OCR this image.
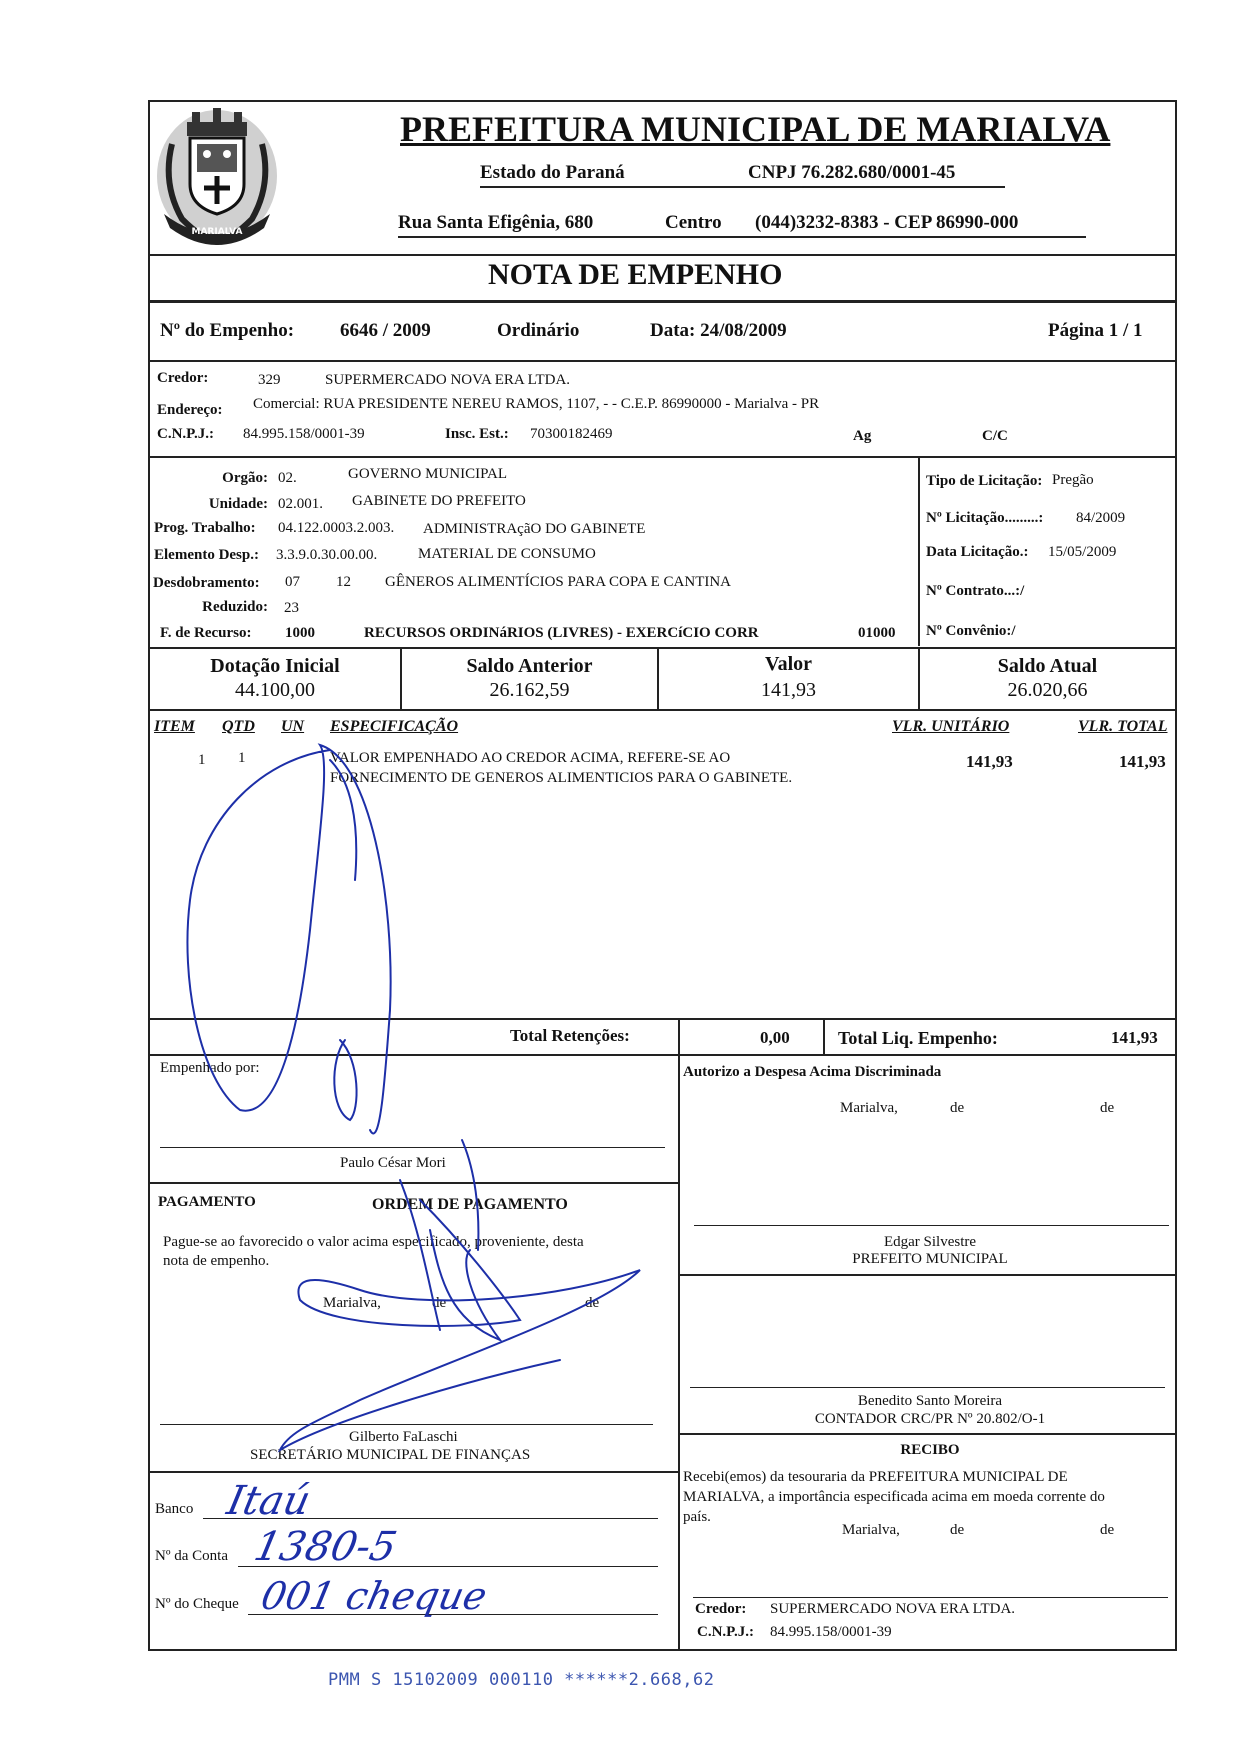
MARIALVA
PREFEITURA MUNICIPAL DE MARIALVA
Estado do Paraná	CNPJ 76.282.680/0001-45
Rua Santa Efigênia, 680	Centro (044)3232-8383 - CEP 86990-000
NOTA DE EMPENHO
Nº do Empenho: 6646 / 2009	Ordinário	Data: 24/08/2009	Página 1 / 1
Credor:	329	SUPERMERCADO NOVA ERA LTDA.
Endereço: Comercial: RUA PRESIDENTE NEREU RAMOS, 1107, - - C.E.P. 86990000 - Marialva - PR
C.N.P.J.: 84.995.158/0001-39	Insc. Est.: 70300182469	Ag	C/C
Orgão: 02.	GOVERNO MUNICIPAL
Unidade: 02.001. GABINETE DO PREFEITO
Prog. Trabalho: 04.122.0003.2.003. ADMINISTRAçãO DO GABINETE
Elemento Desp.: 3.3.9.0.30.00.00.	MATERIAL DE CONSUMO
Desdobramento: 07 12 GÊNEROS ALIMENTÍCIOS PARA COPA E CANTINA
Reduzido: 23
F. de Recurso: 1000	RECURSOS ORDINáRIOS (LIVRES) - EXERCíCIO CORR	01000
Tipo de Licitação: Pregão
Nº Licitação.........: 84/2009
Data Licitação.: 15/05/2009
Nº Contrato...:/
Nº Convênio:/
Dotação Inicial
44.100,00
Saldo Anterior
26.162,59
Valor
141,93
Saldo Atual
26.020,66
ITEM QTD UN ESPECIFICAÇÃO	VLR. UNITÁRIO	VLR. TOTAL
1 1	VALOR EMPENHADO AO CREDOR ACIMA, REFERE-SE AO
FORNECIMENTO DE GENEROS ALIMENTICIOS PARA O GABINETE.
141,93	141,93
Total Retenções:	0,00	Total Liq. Empenho:	141,93
Empenhado por:
Paulo César Mori
PAGAMENTO	ORDEM DE PAGAMENTO
Pague-se ao favorecido o valor acima especificado, proveniente, desta
nota de empenho.
Marialva,	de	de
Gilberto FaLaschi
SECRETÁRIO MUNICIPAL DE FINANÇAS
Banco
Nº da Conta
Nº do Cheque
Autorizo a Despesa Acima Discriminada
Marialva,	de	de
Edgar Silvestre
PREFEITO MUNICIPAL
Benedito Santo Moreira
CONTADOR CRC/PR Nº 20.802/O-1
RECIBO
Recebi(emos) da tesouraria da PREFEITURA MUNICIPAL DE
MARIALVA, a importância especificada acima em moeda corrente do
país.
Marialva,	de	de
Credor: SUPERMERCADO NOVA ERA LTDA.
C.N.P.J.: 84.995.158/0001-39
PMM S 15102009 000110 ******2.668,62
Itaú
1380-5
001 cheque
